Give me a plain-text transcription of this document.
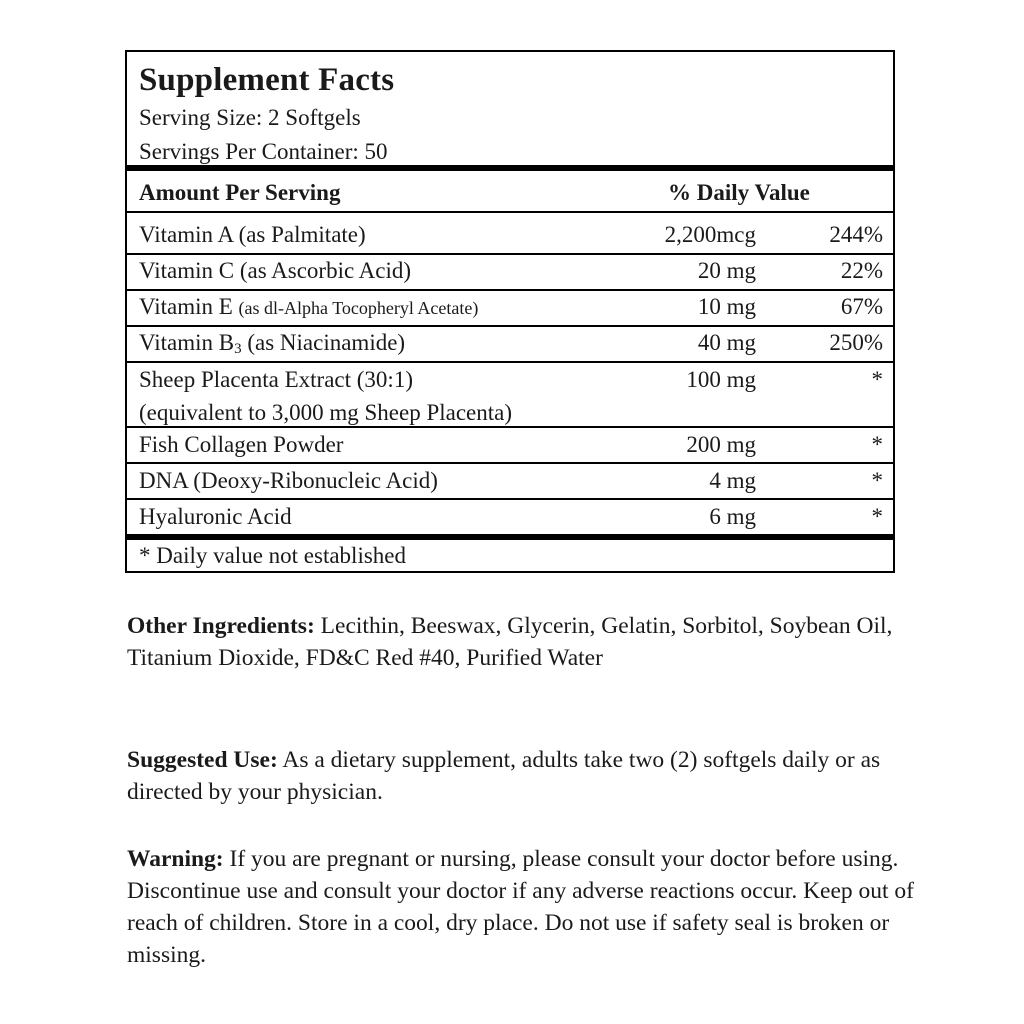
Supplement Facts
Serving Size: 2 Softgels
Servings Per Container: 50
Amount Per Serving	% Daily Value
Vitamin A (as Palmitate)	2,200mcg	244%
Vitamin C (as Ascorbic Acid)	20 mg	22%
Vitamin E (as dl-Alpha Tocopheryl Acetate)	10 mg	67%
Vitamin $B_3$ (as Niacinamide)	40 mg	250%
Sheep Placenta Extract (30:1)
(equivalent to 3,000 mg Sheep Placenta)
100 mg	*
Fish Collagen Powder	200 mg	*
DNA (Deoxy-Ribonucleic Acid)	4 mg	*
Hyaluronic Acid	6 mg	*
* Daily value not established
Other Ingredients: Lecithin, Beeswax, Glycerin, Gelatin, Sorbitol, Soybean Oil, Titanium Dioxide, FD&C Red #40, Purified Water
Suggested Use: As a dietary supplement, adults take two (2) softgels daily or as directed by your physician.
Warning: If you are pregnant or nursing, please consult your doctor before using. Discontinue use and consult your doctor if any adverse reactions occur. Keep out of reach of children. Store in a cool, dry place. Do not use if safety seal is broken or missing.
